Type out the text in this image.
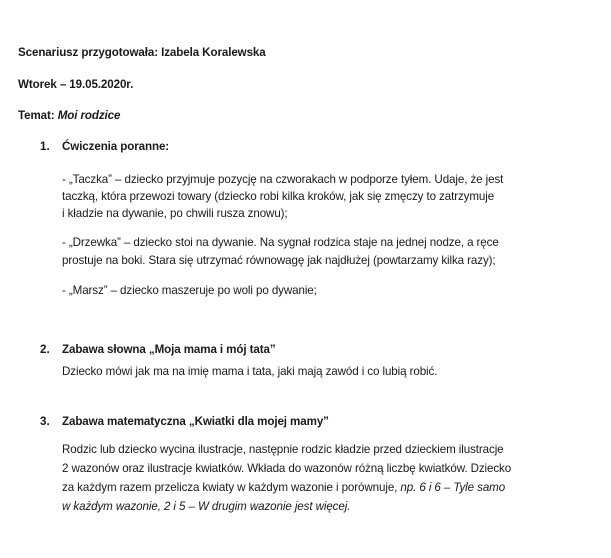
Scenariusz przygotowała: Izabela Koralewska
Wtorek – 19.05.2020r.
Temat: Moi rodzice
1. Ćwiczenia poranne:
- „Taczka” – dziecko przyjmuje pozycję na czworakach w podporze tyłem. Udaje, że jest
taczką, która przewozi towary (dziecko robi kilka kroków, jak się zmęczy to zatrzymuje
i kładzie na dywanie, po chwili rusza znowu);
- „Drzewka” – dziecko stoi na dywanie. Na sygnał rodzica staje na jednej nodze, a ręce
prostuje na boki. Stara się utrzymać równowagę jak najdłużej (powtarzamy kilka razy);
- „Marsz” – dziecko maszeruje po woli po dywanie;
2. Zabawa słowna „Moja mama i mój tata”
Dziecko mówi jak ma na imię mama i tata, jaki mają zawód i co lubią robić.
3. Zabawa matematyczna „Kwiatki dla mojej mamy”
Rodzic lub dziecko wycina ilustracje, następnie rodzic kładzie przed dzieckiem ilustracje
2 wazonów oraz ilustracje kwiatków. Wkłada do wazonów różną liczbę kwiatków. Dziecko
za każdym razem przelicza kwiaty w każdym wazonie i porównuje, np. 6 i 6 – Tyle samo
w każdym wazonie, 2 i 5 – W drugim wazonie jest więcej.
